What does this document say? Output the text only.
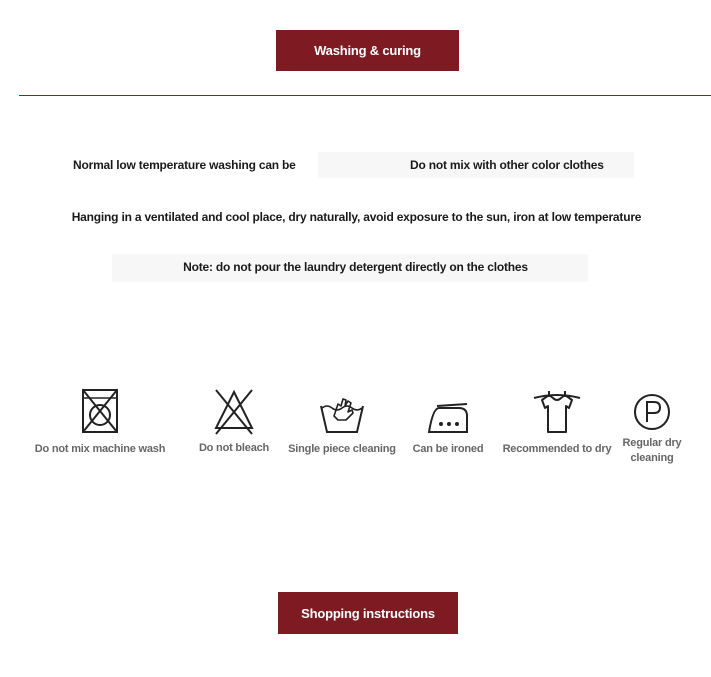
Washing & curing
Normal low temperature washing can be	Do not mix with other color clothes
Hanging in a ventilated and cool place, dry naturally, avoid exposure to the sun, iron at low temperature
Note: do not pour the laundry detergent directly on the clothes
Do not mix machine wash	Do not bleach	Single piece cleaning	Can be ironed	Recommended to dry Regular dry cleaning
Shopping instructions
